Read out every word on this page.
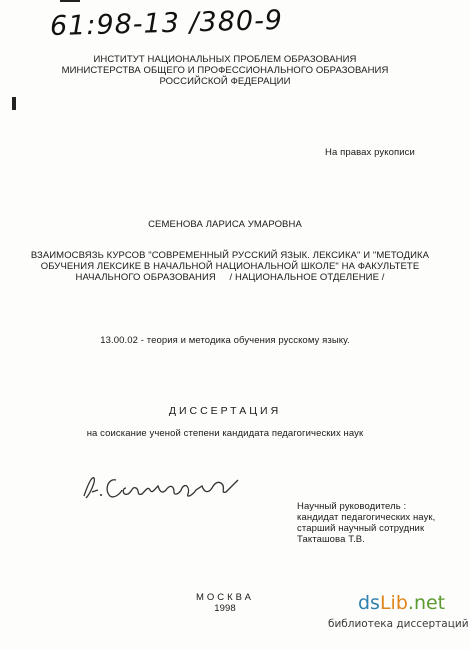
61:98-13 /380-9
ИНСТИТУТ НАЦИОНАЛЬНЫХ ПРОБЛЕМ ОБРАЗОВАНИЯ
МИНИСТЕРСТВА ОБЩЕГО И ПРОФЕССИОНАЛЬНОГО ОБРАЗОВАНИЯ
РОССИЙСКОЙ ФЕДЕРАЦИИ
На правах рукописи
СЕМЕНОВА ЛАРИСА УМАРОВНА
ВЗАИМОСВЯЗЬ КУРСОВ "СОВРЕМЕННЫЙ РУССКИЙ ЯЗЫК. ЛЕКСИКА" И "МЕТОДИКА
ОБУЧЕНИЯ ЛЕКСИКЕ В НАЧАЛЬНОЙ НАЦИОНАЛЬНОЙ ШКОЛЕ" НА ФАКУЛЬТЕТЕ
НАЧАЛЬНОГО ОБРАЗОВАНИЯ     / НАЦИОНАЛЬНОЕ ОТДЕЛЕНИЕ /
13.00.02 - теория и методика обучения русскому языку.
ДИССЕРТАЦИЯ
на соискание ученой степени кандидата педагогических наук
Научный руководитель :
кандидат педагогических наук,
старший научный сотрудник
Такташова Т.В.
МОСКВА
1998	dsLib.net
библиотека диссертаций
